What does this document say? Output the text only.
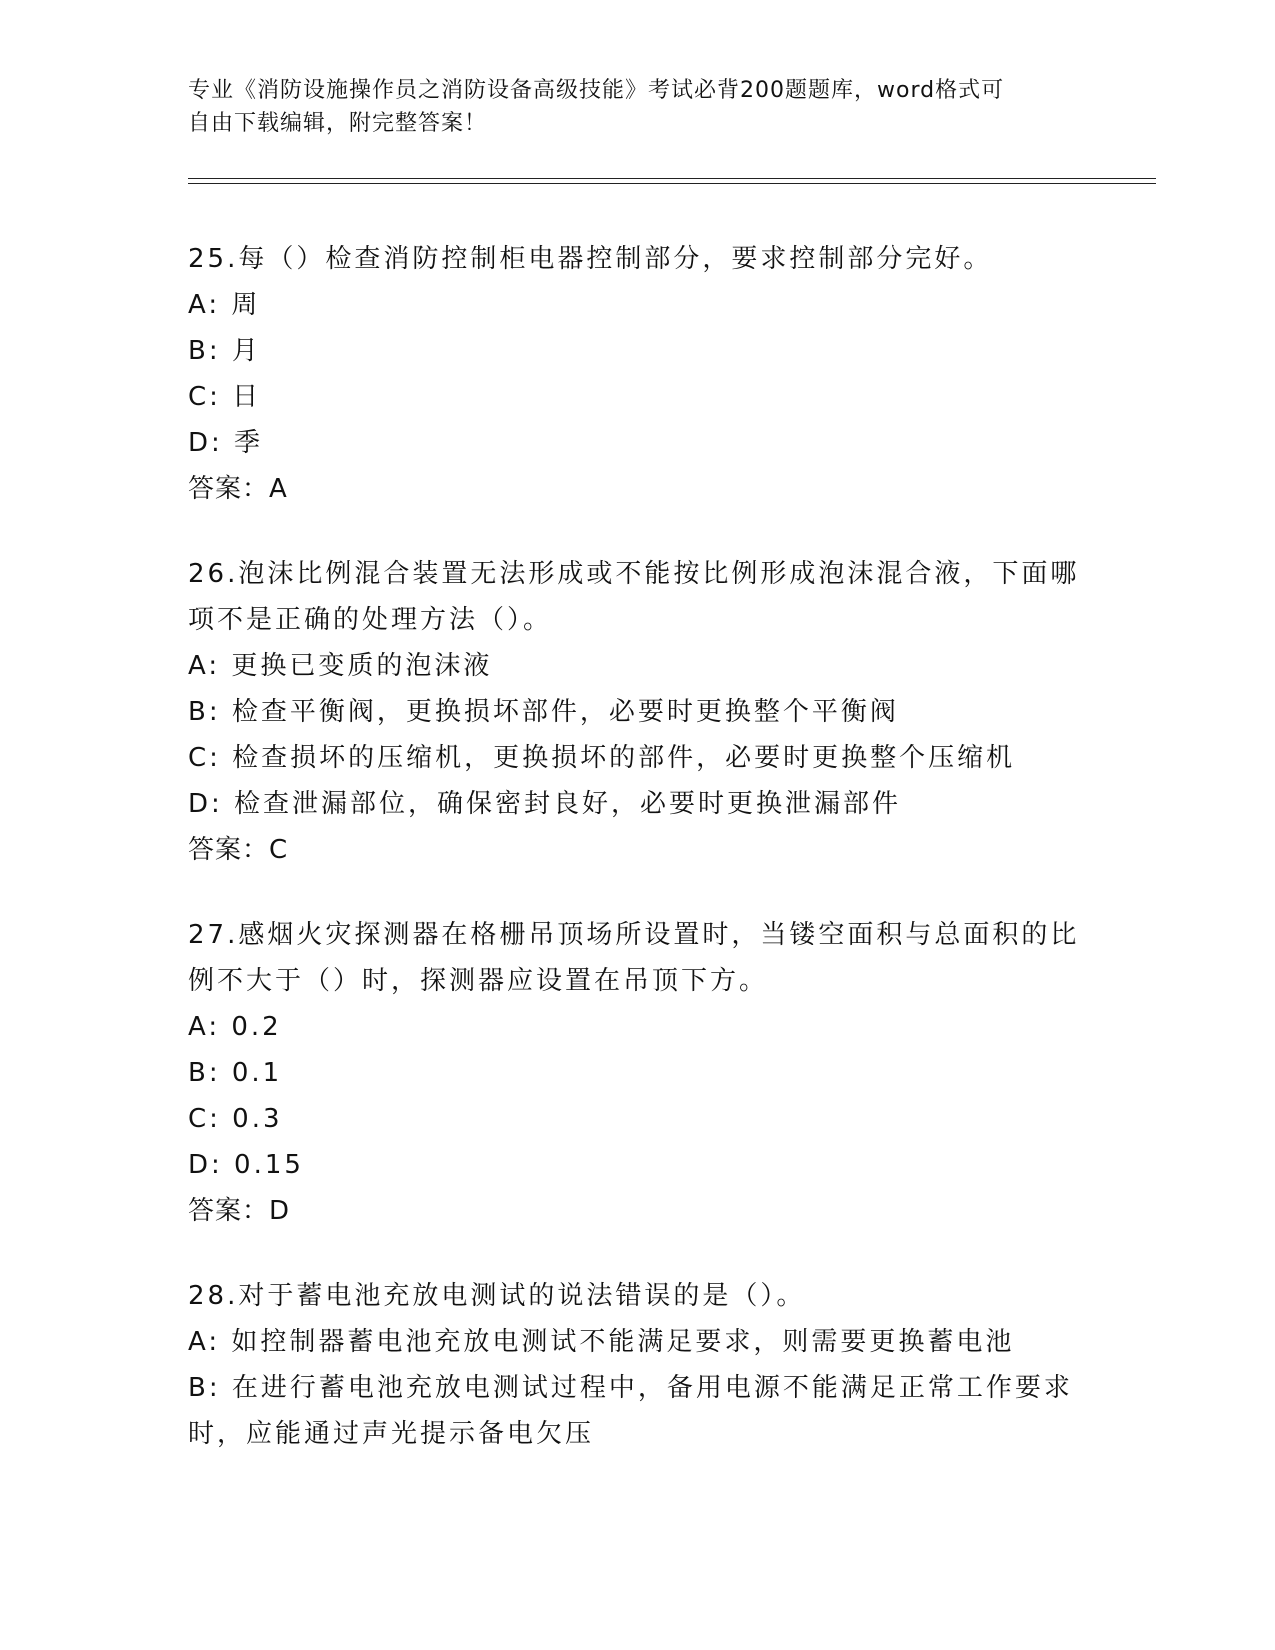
专业《消防设施操作员之消防设备高级技能》考试必背200题题库，word格式可
自由下载编辑，附完整答案！
25.每（）检查消防控制柜电器控制部分，要求控制部分完好。
A: 周
B: 月
C: 日
D: 季
答案：A
26.泡沫比例混合装置无法形成或不能按比例形成泡沫混合液，下面哪
项不是正确的处理方法（）。
A: 更换已变质的泡沫液
B: 检查平衡阀，更换损坏部件，必要时更换整个平衡阀
C: 检查损坏的压缩机，更换损坏的部件，必要时更换整个压缩机
D: 检查泄漏部位，确保密封良好，必要时更换泄漏部件
答案：C
27.感烟火灾探测器在格栅吊顶场所设置时，当镂空面积与总面积的比
例不大于（）时，探测器应设置在吊顶下方。
A: 0.2
B: 0.1
C: 0.3
D: 0.15
答案：D
28.对于蓄电池充放电测试的说法错误的是（）。
A: 如控制器蓄电池充放电测试不能满足要求，则需要更换蓄电池
B: 在进行蓄电池充放电测试过程中，备用电源不能满足正常工作要求
时，应能通过声光提示备电欠压
